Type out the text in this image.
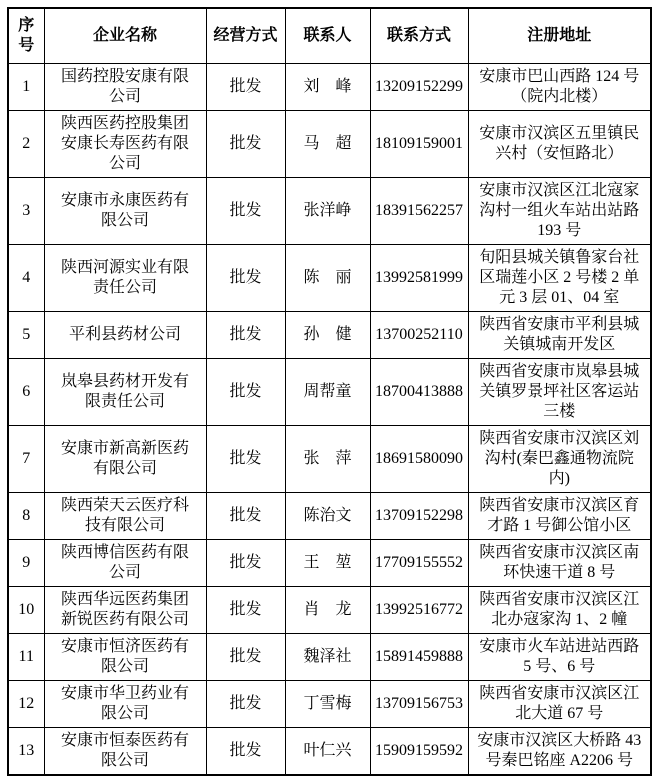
序号	企业名称	经营方式	联系人	联系方式	注册地址
1	国药控股安康有限公司	批发	刘　峰	13209152299	安康市巴山西路 124 号（院内北楼）
2	陕西医药控股集团安康长寿医药有限公司	批发	马　超	18109159001	安康市汉滨区五里镇民兴村（安恒路北）
3	安康市永康医药有限公司	批发	张洋峥	18391562257	安康市汉滨区江北寇家沟村一组火车站出站路 193 号
4	陕西河源实业有限责任公司	批发	陈　丽	13992581999	旬阳县城关镇鲁家台社区瑞莲小区 2 号楼 2 单元 3 层 01、04 室
5	平利县药材公司	批发	孙　健	13700252110	陕西省安康市平利县城关镇城南开发区
6	岚皋县药材开发有限责任公司	批发	周帮童	18700413888	陕西省安康市岚皋县城关镇罗景坪社区客运站三楼
7	安康市新高新医药有限公司	批发	张　萍	18691580090	陕西省安康市汉滨区刘沟村(秦巴鑫通物流院内)
8	陕西荣天云医疗科技有限公司	批发	陈治文	13709152298	陕西省安康市汉滨区育才路 1 号御公馆小区
9	陕西博信医药有限公司	批发	王　堃	17709155552	陕西省安康市汉滨区南环快速干道 8 号
10	陕西华远医药集团新锐医药有限公司	批发	肖　龙	13992516772	陕西省安康市汉滨区江北办寇家沟 1、2 幢
11	安康市恒济医药有限公司	批发	魏泽社	15891459888	安康市火车站进站西路 5 号、6 号
12	安康市华卫药业有限公司	批发	丁雪梅	13709156753	陕西省安康市汉滨区江北大道 67 号
13	安康市恒泰医药有限公司	批发	叶仁兴	15909159592	安康市汉滨区大桥路 43 号秦巴铭座 A2206 号
